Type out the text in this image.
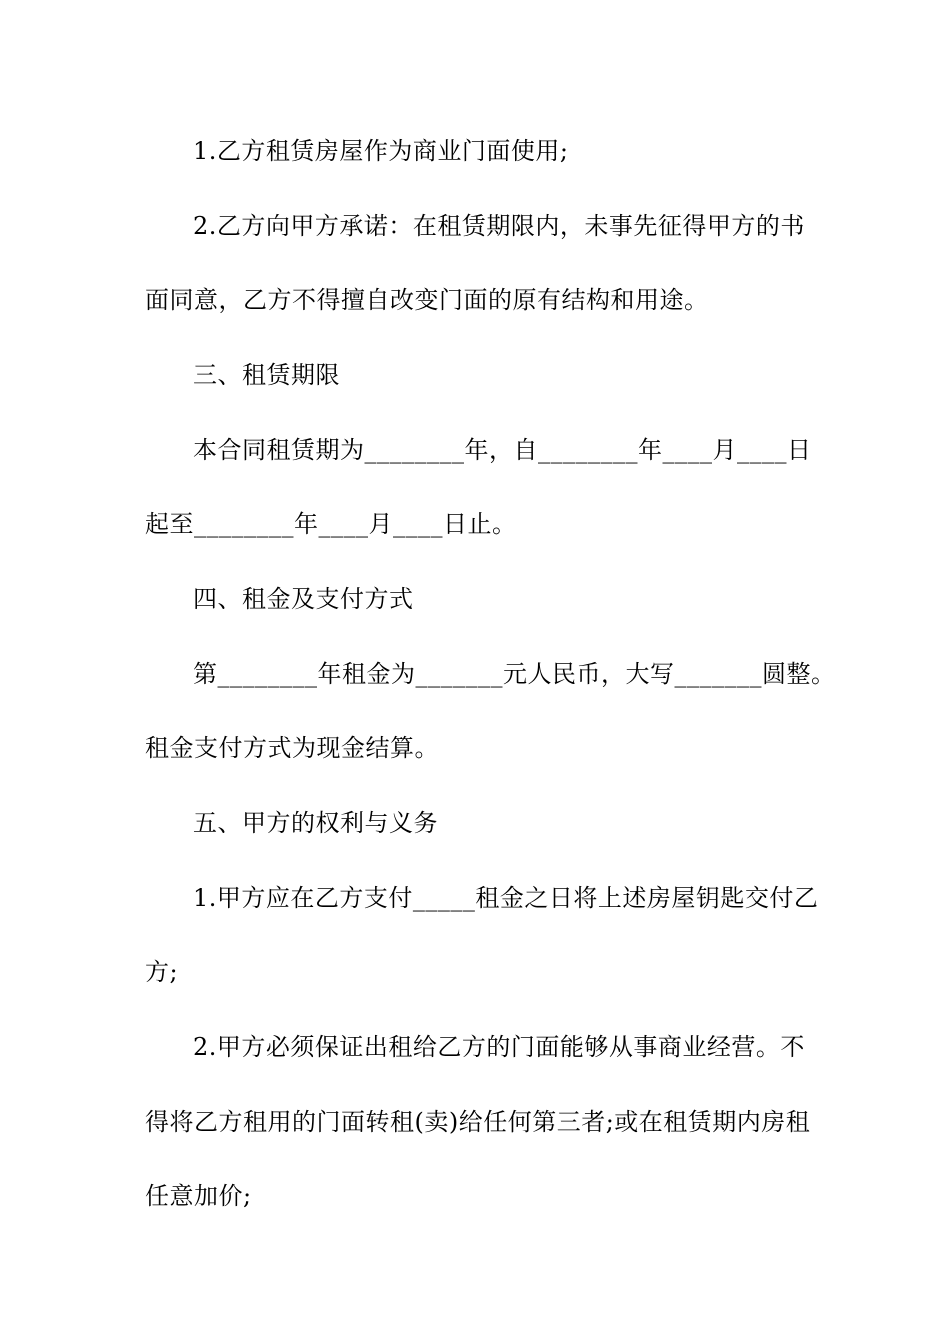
1.乙方租赁房屋作为商业门面使用;
2.乙方向甲方承诺：在租赁期限内，未事先征得甲方的书
面同意，乙方不得擅自改变门面的原有结构和用途。
三、租赁期限
本合同租赁期为________年，自________年____月____日
起至________年____月____日止。
四、租金及支付方式
第________年租金为_______元人民币，大写_______圆整。
租金支付方式为现金结算。
五、甲方的权利与义务
1.甲方应在乙方支付_____租金之日将上述房屋钥匙交付乙
方;
2.甲方必须保证出租给乙方的门面能够从事商业经营。不
得将乙方租用的门面转租(卖)给任何第三者;或在租赁期内房租
任意加价;
